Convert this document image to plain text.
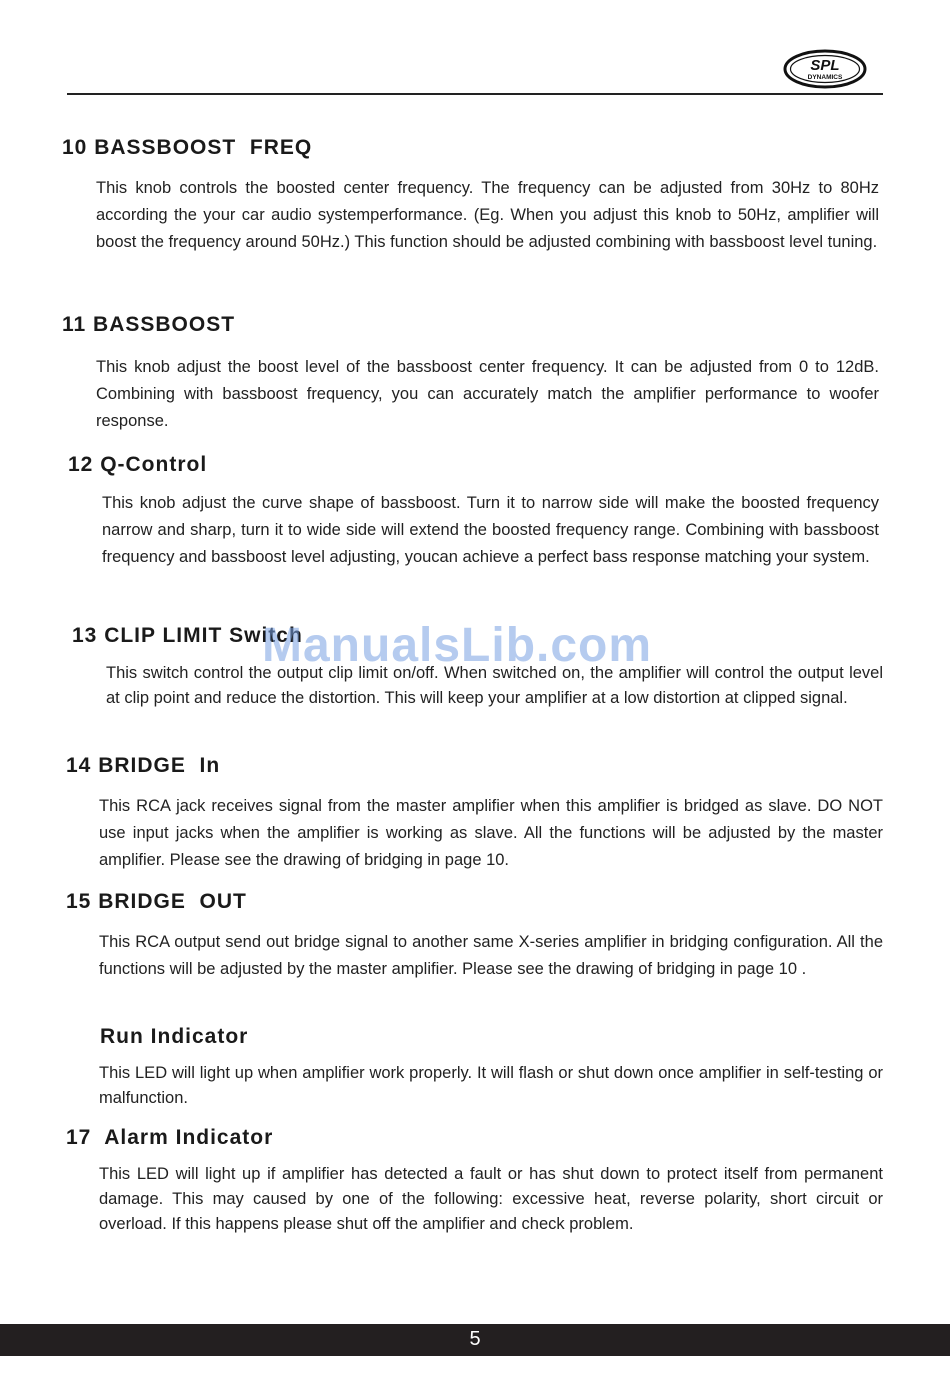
SPL
DYNAMICS
10 BASSBOOST  FREQ

This knob controls the boosted center frequency. The frequency can be adjusted from 30Hz to 80Hz according the your car audio systemperformance. (Eg. When you adjust this knob to 50Hz, amplifier will boost the frequency around 50Hz.) This function should be adjusted combining with bassboost level tuning.

11 BASSBOOST

This knob adjust the boost level of the bassboost center frequency. It can be adjusted from 0 to 12dB. Combining with bassboost frequency, you can accurately match the amplifier performance to woofer response.

12 Q-Control

This knob adjust the curve shape of bassboost. Turn it to narrow side will make the boosted frequency narrow and sharp, turn it to wide side will extend the boosted frequency range. Combining with bassboost frequency and bassboost level adjusting, youcan achieve a perfect bass response matching your system.

13 CLIP LIMIT Switch

This switch control the output clip limit on/off. When switched on, the amplifier will control the output level at clip point and reduce the distortion. This will keep your amplifier at a low distortion at clipped signal.

14 BRIDGE  In

This RCA jack receives signal from the master amplifier when this amplifier is bridged as slave. DO NOT use input jacks when the amplifier is working as slave. All the functions will be adjusted by the master amplifier. Please see the drawing of bridging in page 10.

15 BRIDGE  OUT

This RCA output send out bridge signal to another same X-series amplifier in bridging configuration. All the functions will be adjusted by the master amplifier. Please see the drawing of bridging in page 10 .

Run Indicator

This LED will light up when amplifier work properly. It will flash or shut down once amplifier in self-testing or malfunction.

17  Alarm Indicator

This LED will light up if amplifier has detected a fault or has shut down to protect itself from permanent damage. This may caused by one of the following: excessive heat, reverse polarity, short circuit or overload. If this happens please shut off the amplifier and check problem.

ManualsLib.com
5
